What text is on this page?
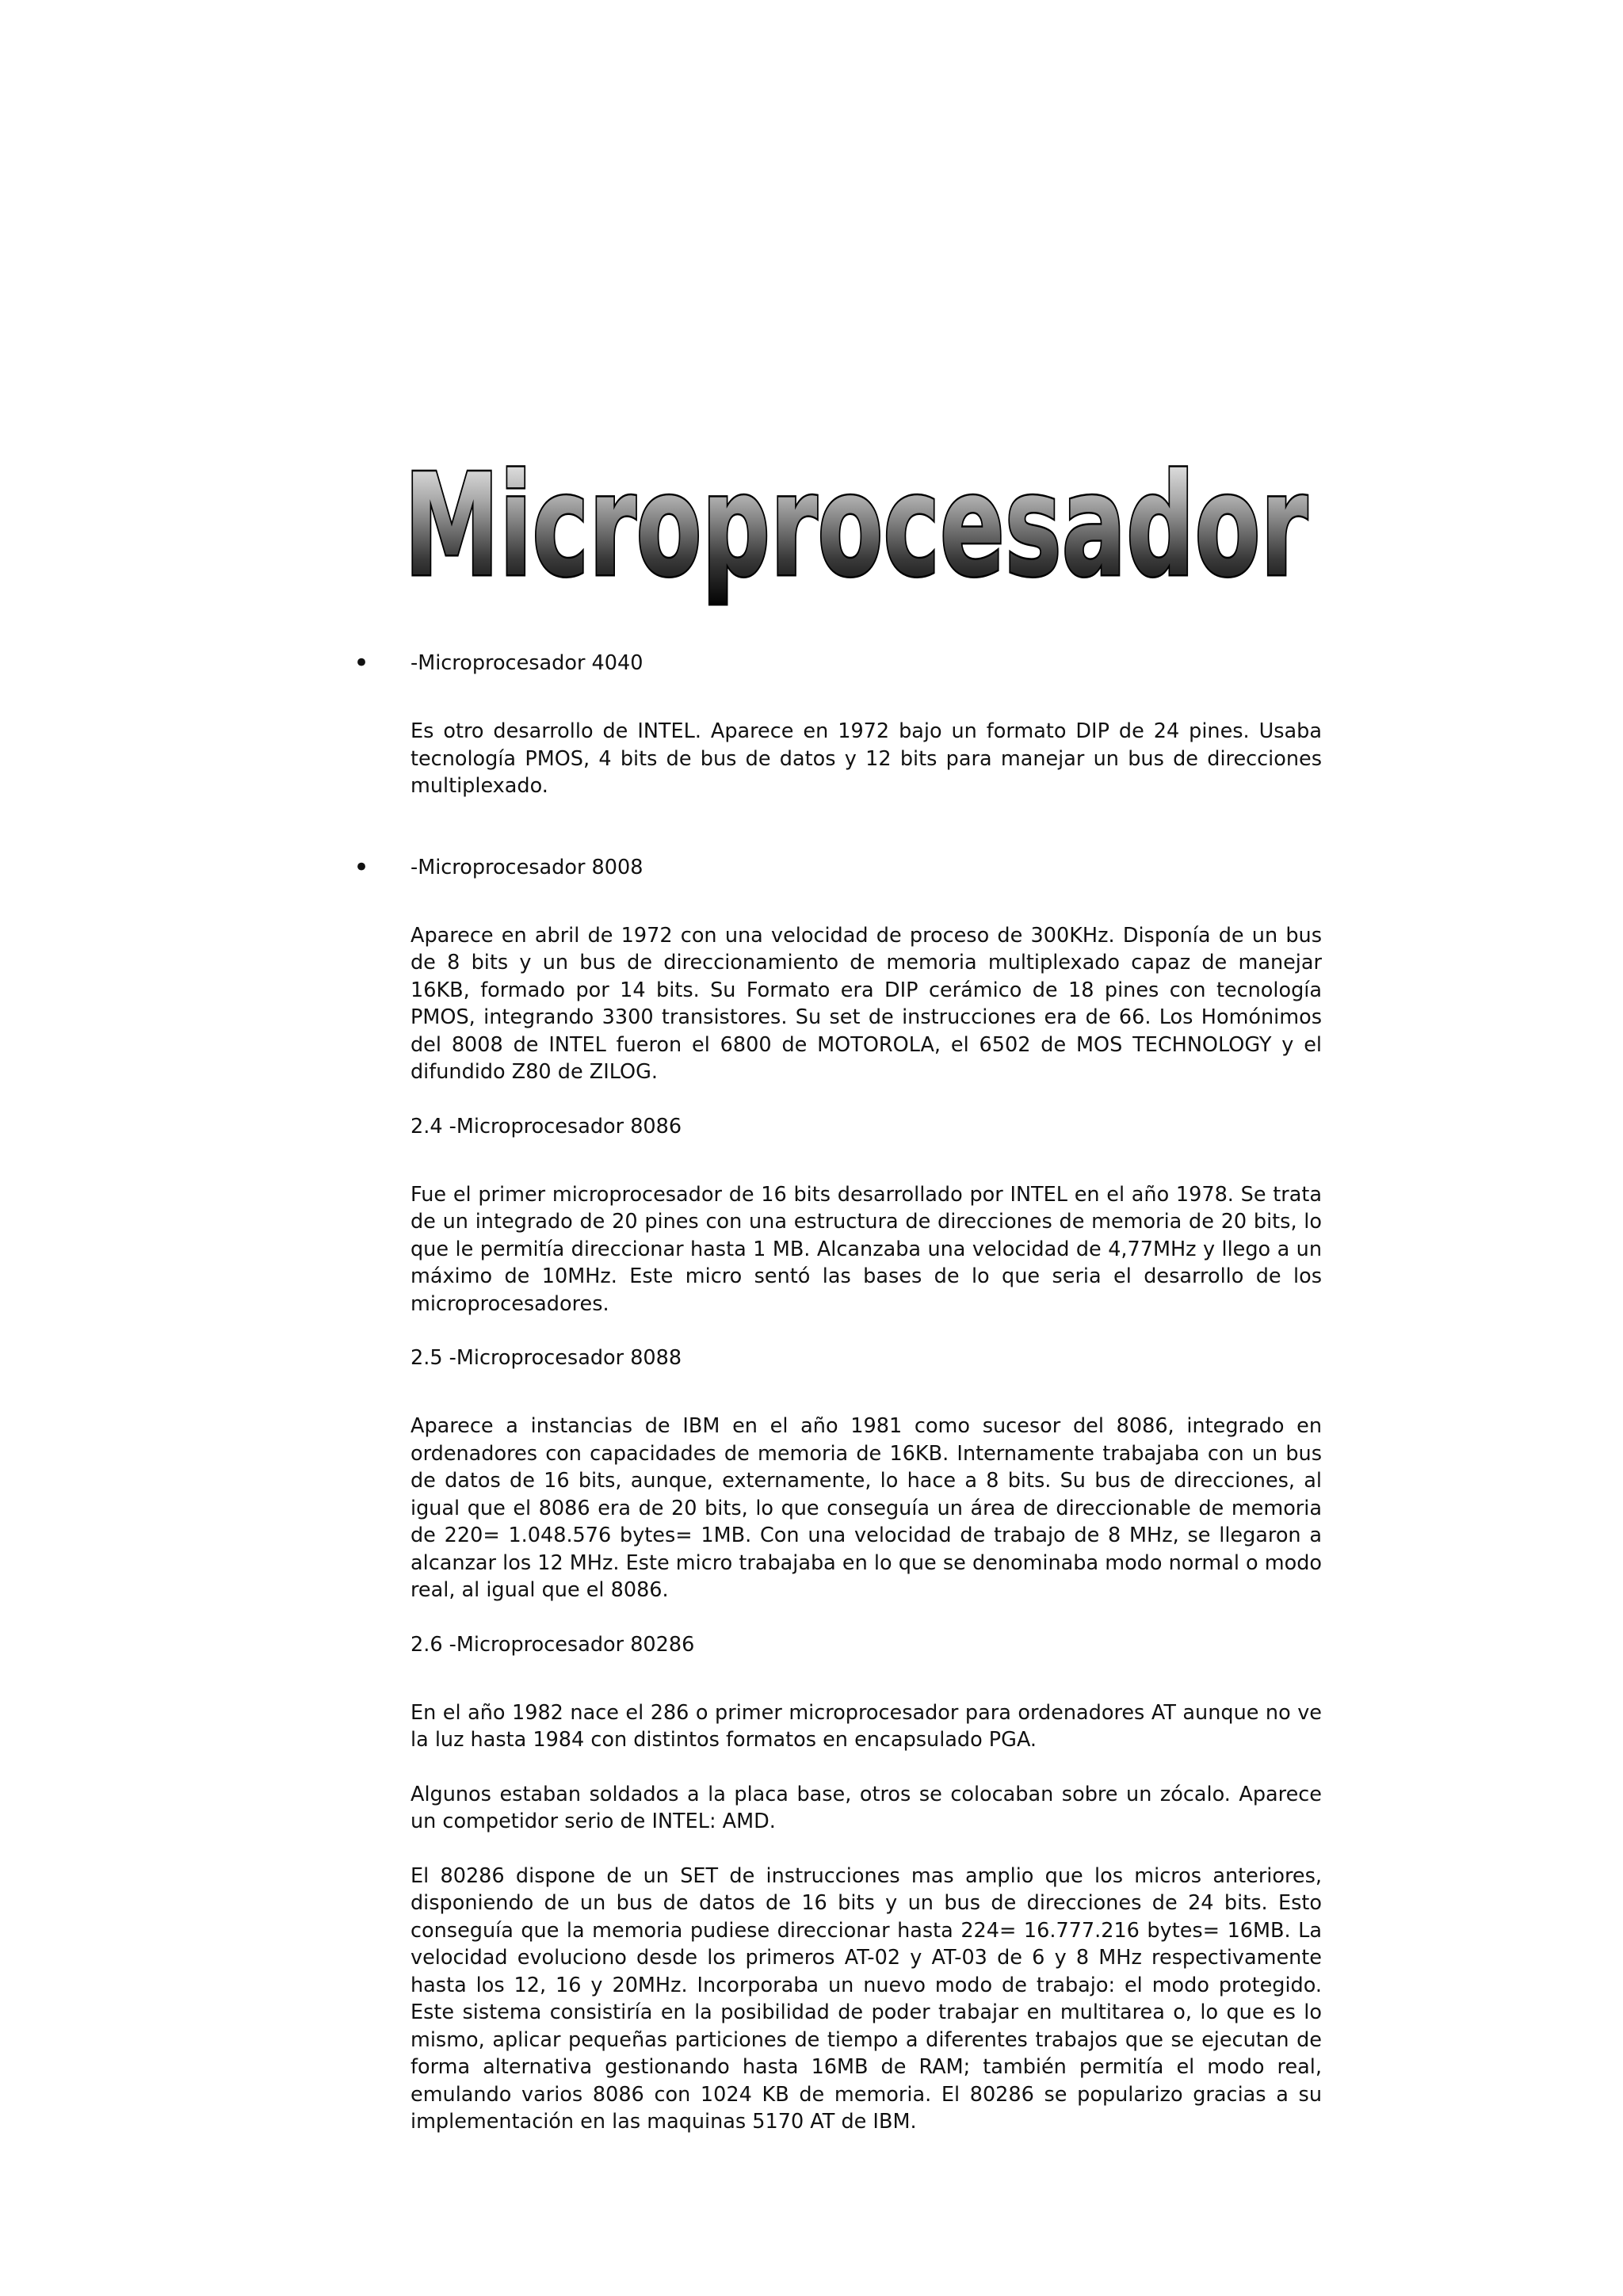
Microprocesador

• -Microprocesador 4040

Es otro desarrollo de INTEL. Aparece en 1972 bajo un formato DIP de 24 pines. Usaba tecnología PMOS, 4 bits de bus de datos y 12 bits para manejar un bus de direcciones multiplexado.

• -Microprocesador 8008

Aparece en abril de 1972 con una velocidad de proceso de 300KHz. Disponía de un bus de 8 bits y un bus de direccionamiento de memoria multiplexado capaz de manejar 16KB, formado por 14 bits. Su Formato era DIP cerámico de 18 pines con tecnología PMOS, integrando 3300 transistores. Su set de instrucciones era de 66. Los Homónimos del 8008 de INTEL fueron el 6800 de MOTOROLA, el 6502 de MOS TECHNOLOGY y el difundido Z80 de ZILOG.

2.4 -Microprocesador 8086

Fue el primer microprocesador de 16 bits desarrollado por INTEL en el año 1978. Se trata de un integrado de 20 pines con una estructura de direcciones de memoria de 20 bits, lo que le permitía direccionar hasta 1 MB. Alcanzaba una velocidad de 4,77MHz y llego a un máximo de 10MHz. Este micro sentó las bases de lo que seria el desarrollo de los microprocesadores.

2.5 -Microprocesador 8088

Aparece a instancias de IBM en el año 1981 como sucesor del 8086, integrado en ordenadores con capacidades de memoria de 16KB. Internamente trabajaba con un bus de datos de 16 bits, aunque, externamente, lo hace a 8 bits. Su bus de direcciones, al igual que el 8086 era de 20 bits, lo que conseguía un área de direccionable de memoria de 220= 1.048.576 bytes= 1MB. Con una velocidad de trabajo de 8 MHz, se llegaron a alcanzar los 12 MHz. Este micro trabajaba en lo que se denominaba modo normal o modo real, al igual que el 8086.

2.6 -Microprocesador 80286

En el año 1982 nace el 286 o primer microprocesador para ordenadores AT aunque no ve la luz hasta 1984 con distintos formatos en encapsulado PGA.

Algunos estaban soldados a la placa base, otros se colocaban sobre un zócalo. Aparece un competidor serio de INTEL: AMD.

El 80286 dispone de un SET de instrucciones mas amplio que los micros anteriores, disponiendo de un bus de datos de 16 bits y un bus de direcciones de 24 bits. Esto conseguía que la memoria pudiese direccionar hasta 224= 16.777.216 bytes= 16MB. La velocidad evoluciono desde los primeros AT-02 y AT-03 de 6 y 8 MHz respectivamente hasta los 12, 16 y 20MHz. Incorporaba un nuevo modo de trabajo: el modo protegido. Este sistema consistiría en la posibilidad de poder trabajar en multitarea o, lo que es lo mismo, aplicar pequeñas particiones de tiempo a diferentes trabajos que se ejecutan de forma alternativa gestionando hasta 16MB de RAM; también permitía el modo real, emulando varios 8086 con 1024 KB de memoria. El 80286 se popularizo gracias a su implementación en las maquinas 5170 AT de IBM.
